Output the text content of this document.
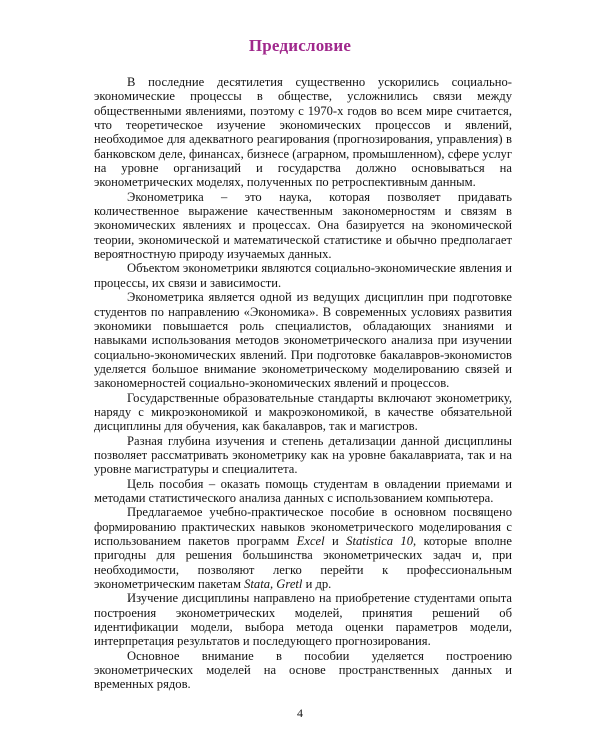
Предисловие

В последние десятилетия существенно ускорились социально-экономические процессы в обществе, усложнились связи между общественными явлениями, поэтому с 1970-х годов во всем мире считается, что теоретическое изучение экономических процессов и явлений, необходимое для адекватного реагирования (прогнозирования, управления) в банковском деле, финансах, бизнесе (аграрном, промышленном), сфере услуг на уровне организаций и государства должно основываться на эконометрических моделях, полученных по ретроспективным данным.

Эконометрика – это наука, которая позволяет придавать количественное выражение качественным закономерностям и связям в экономических явлениях и процессах. Она базируется на экономической теории, экономической и математической статистике и обычно предполагает вероятностную природу изучаемых данных.

Объектом эконометрики являются социально-экономические явления и процессы, их связи и зависимости.

Эконометрика является одной из ведущих дисциплин при подготовке студентов по направлению «Экономика». В современных условиях развития экономики повышается роль специалистов, обладающих знаниями и навыками использования методов эконометрического анализа при изучении социально-экономических явлений. При подготовке бакалавров-экономистов уделяется большое внимание эконометрическому моделированию связей и закономерностей социально-экономических явлений и процессов.

Государственные образовательные стандарты включают эконометрику, наряду с микроэкономикой и макроэкономикой, в качестве обязательной дисциплины для обучения, как бакалавров, так и магистров.

Разная глубина изучения и степень детализации данной дисциплины позволяет рассматривать эконометрику как на уровне бакалавриата, так и на уровне магистратуры и специалитета.

Цель пособия – оказать помощь студентам в овладении приемами и методами статистического анализа данных с использованием компьютера.

Предлагаемое учебно-практическое пособие в основном посвящено формированию практических навыков эконометрического моделирования с использованием пакетов программ Excel и Statistica 10, которые вполне пригодны для решения большинства эконометрических задач и, при необходимости, позволяют легко перейти к профессиональным эконометрическим пакетам Stata, Gretl и др.

Изучение дисциплины направлено на приобретение студентами опыта построения эконометрических моделей, принятия решений об идентификации модели, выбора метода оценки параметров модели, интерпретация результатов и последующего прогнозирования.

Основное внимание в пособии уделяется построению эконометрических моделей на основе пространственных данных и временных рядов.

4
